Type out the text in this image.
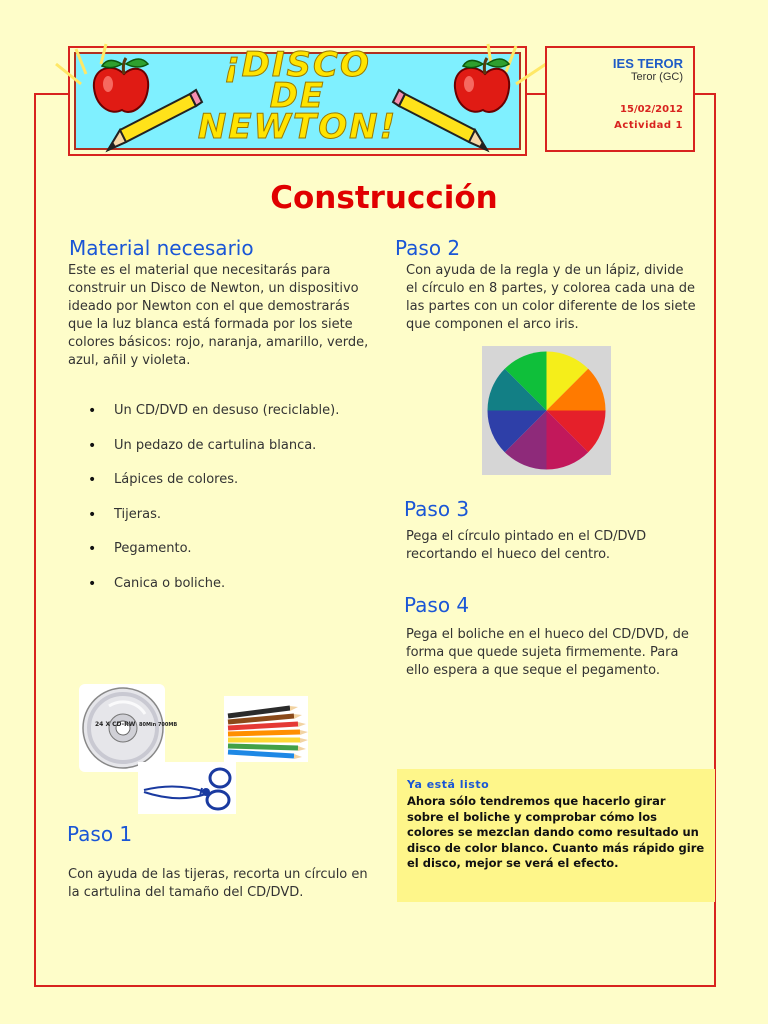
¡DISCO
DE
NEWTON!
IES TEROR
Teror (GC)
15/02/2012
Actividad 1
Construcción
Material necesario

Este es el material que necesitarás para construir un Disco de Newton, un dispositivo ideado por Newton con el que demostrarás que la luz blanca está formada por los siete colores básicos: rojo, naranja, amarillo, verde, azul, añil y violeta.

• Un CD/DVD en desuso (reciclable).
• Un pedazo de cartulina blanca.
• Lápices de colores.
• Tijeras.
• Pegamento.
• Canica o boliche.
24 X CD-RW 80Min 700MB
Paso 1

Con ayuda de las tijeras, recorta un círculo en la cartulina del tamaño del CD/DVD.

Paso 2

Con ayuda de la regla y de un lápiz, divide el círculo en 8 partes, y colorea cada una de las partes con un color diferente de los siete que componen el arco iris.

Paso 3

Pega el círculo pintado en el CD/DVD recortando el hueco del centro.

Paso 4

Pega el boliche en el hueco del CD/DVD, de forma que quede sujeta firmemente. Para ello espera a que seque el pegamento.

Ya está listo
Ahora sólo tendremos que hacerlo girar sobre el boliche y comprobar cómo los colores se mezclan dando como resultado un disco de color blanco. Cuanto más rápido gire el disco, mejor se verá el efecto.
